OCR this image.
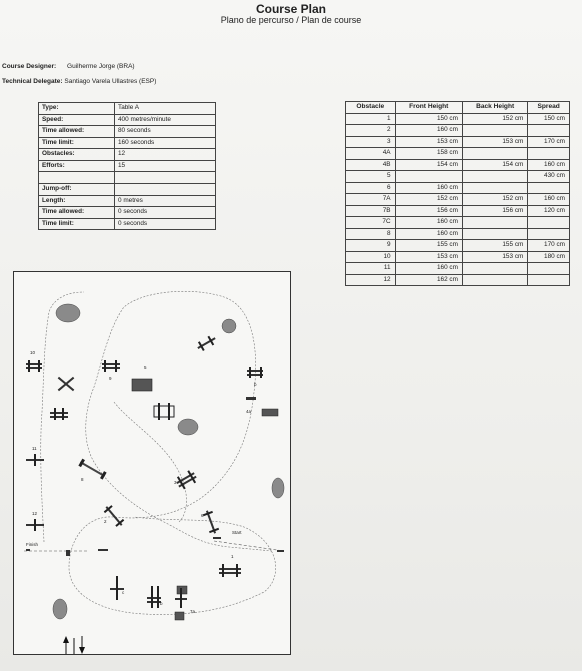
Course Plan
Plano de percurso / Plan de course
Course Designer: Guilherme Jorge (BRA)
Technical Delegate: Santiago Varela Ullastres (ESP)
Type:	Table A
Speed:	400 metres/minute
Time allowed:	80 seconds
Time limit:	160 seconds
Obstacles:	12
Efforts:	15

Jump-off:	
Length:	0 metres
Time allowed:	0 seconds
Time limit:	0 seconds
Obstacle	Front Height	Back Height	Spread
1	150 cm	152 cm	150 cm
2	160 cm		
3	153 cm	153 cm	170 cm
4A	158 cm		
4B	154 cm	154 cm	160 cm
5			430 cm
6	160 cm		
7A	152 cm	152 cm	160 cm
7B	156 cm	156 cm	120 cm
7C	160 cm		
8	160 cm		
9	155 cm	155 cm	170 cm
10	153 cm	153 cm	180 cm
11	160 cm		
12	162 cm		
10
9
5
b
4a
11
8
3
12
2
6
Start
Finish
1
c
b
7a
